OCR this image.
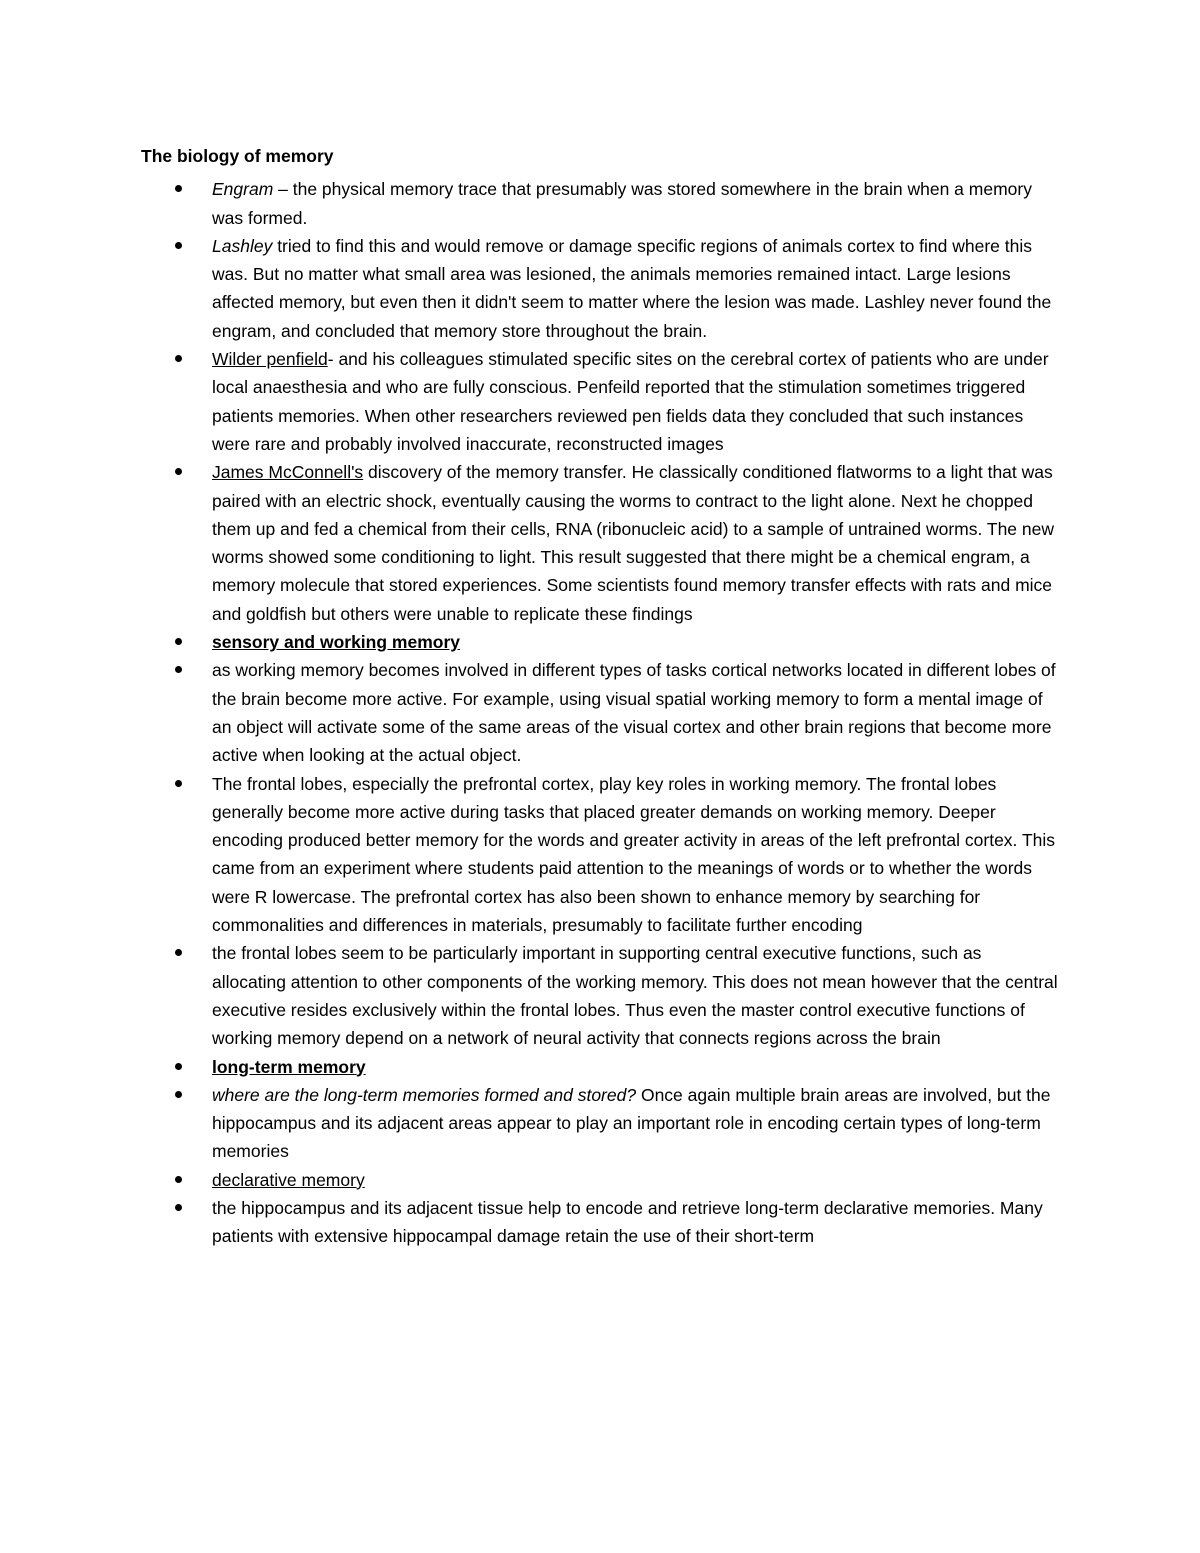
The biology of memory
Engram – the physical memory trace that presumably was stored somewhere in the brain when a memory was formed.
Lashley tried to find this and would remove or damage specific regions of animals cortex to find where this was. But no matter what small area was lesioned, the animals memories remained intact. Large lesions affected memory, but even then it didn't seem to matter where the lesion was made. Lashley never found the engram, and concluded that memory store throughout the brain.
Wilder penfield- and his colleagues stimulated specific sites on the cerebral cortex of patients who are under local anaesthesia and who are fully conscious. Penfeild reported that the stimulation sometimes triggered patients memories. When other researchers reviewed pen fields data they concluded that such instances were rare and probably involved inaccurate, reconstructed images
James McConnell's discovery of the memory transfer. He classically conditioned flatworms to a light that was paired with an electric shock, eventually causing the worms to contract to the light alone. Next he chopped them up and fed a chemical from their cells, RNA (ribonucleic acid) to a sample of untrained worms. The new worms showed some conditioning to light. This result suggested that there might be a chemical engram, a memory molecule that stored experiences. Some scientists found memory transfer effects with rats and mice and goldfish but others were unable to replicate these findings
sensory and working memory
as working memory becomes involved in different types of tasks cortical networks located in different lobes of the brain become more active. For example, using visual spatial working memory to form a mental image of an object will activate some of the same areas of the visual cortex and other brain regions that become more active when looking at the actual object.
The frontal lobes, especially the prefrontal cortex, play key roles in working memory. The frontal lobes generally become more active during tasks that placed greater demands on working memory. Deeper encoding produced better memory for the words and greater activity in areas of the left prefrontal cortex. This came from an experiment where students paid attention to the meanings of words or to whether the words were R lowercase. The prefrontal cortex has also been shown to enhance memory by searching for commonalities and differences in materials, presumably to facilitate further encoding
the frontal lobes seem to be particularly important in supporting central executive functions, such as allocating attention to other components of the working memory. This does not mean however that the central executive resides exclusively within the frontal lobes. Thus even the master control executive functions of working memory depend on a network of neural activity that connects regions across the brain
long-term memory
where are the long-term memories formed and stored? Once again multiple brain areas are involved, but the hippocampus and its adjacent areas appear to play an important role in encoding certain types of long-term memories
declarative memory
the hippocampus and its adjacent tissue help to encode and retrieve long-term declarative memories. Many patients with extensive hippocampal damage retain the use of their short-term
